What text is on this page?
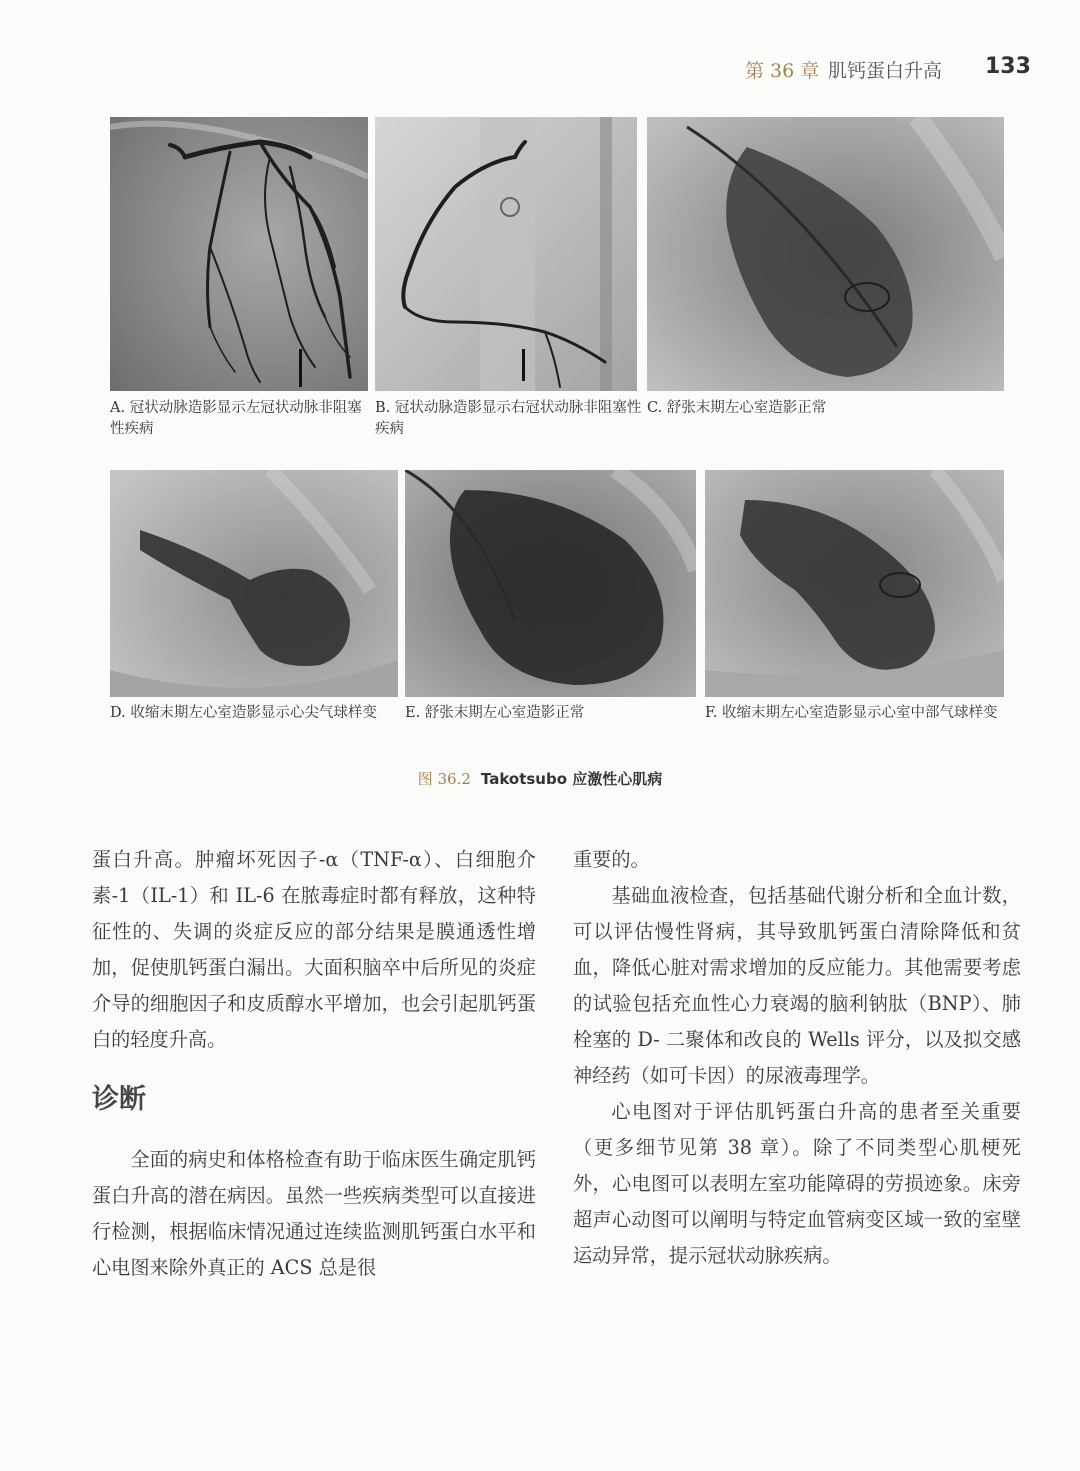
第 36 章 肌钙蛋白升高 133
A. 冠状动脉造影显示左冠状动脉非阻塞性疾病
B. 冠状动脉造影显示右冠状动脉非阻塞性疾病
C. 舒张末期左心室造影正常
D. 收缩末期左心室造影显示心尖气球样变	E. 舒张末期左心室造影正常	F. 收缩末期左心室造影显示心室中部气球样变
图 36.2 Takotsubo 应激性心肌病

蛋白升高。肿瘤坏死因子-α（TNF-α）、白细胞介素-1（IL-1）和 IL-6 在脓毒症时都有释放，这种特征性的、失调的炎症反应的部分结果是膜通透性增加，促使肌钙蛋白漏出。大面积脑卒中后所见的炎症介导的细胞因子和皮质醇水平增加，也会引起肌钙蛋白的轻度升高。

诊断

全面的病史和体格检查有助于临床医生确定肌钙蛋白升高的潜在病因。虽然一些疾病类型可以直接进行检测，根据临床情况通过连续监测肌钙蛋白水平和心电图来除外真正的 ACS 总是很

重要的。

基础血液检查，包括基础代谢分析和全血计数，可以评估慢性肾病，其导致肌钙蛋白清除降低和贫血，降低心脏对需求增加的反应能力。其他需要考虑的试验包括充血性心力衰竭的脑利钠肽（BNP）、肺栓塞的 D- 二聚体和改良的 Wells 评分，以及拟交感神经药（如可卡因）的尿液毒理学。

心电图对于评估肌钙蛋白升高的患者至关重要（更多细节见第 38 章）。除了不同类型心肌梗死外，心电图可以表明左室功能障碍的劳损迹象。床旁超声心动图可以阐明与特定血管病变区域一致的室壁运动异常，提示冠状动脉疾病。
